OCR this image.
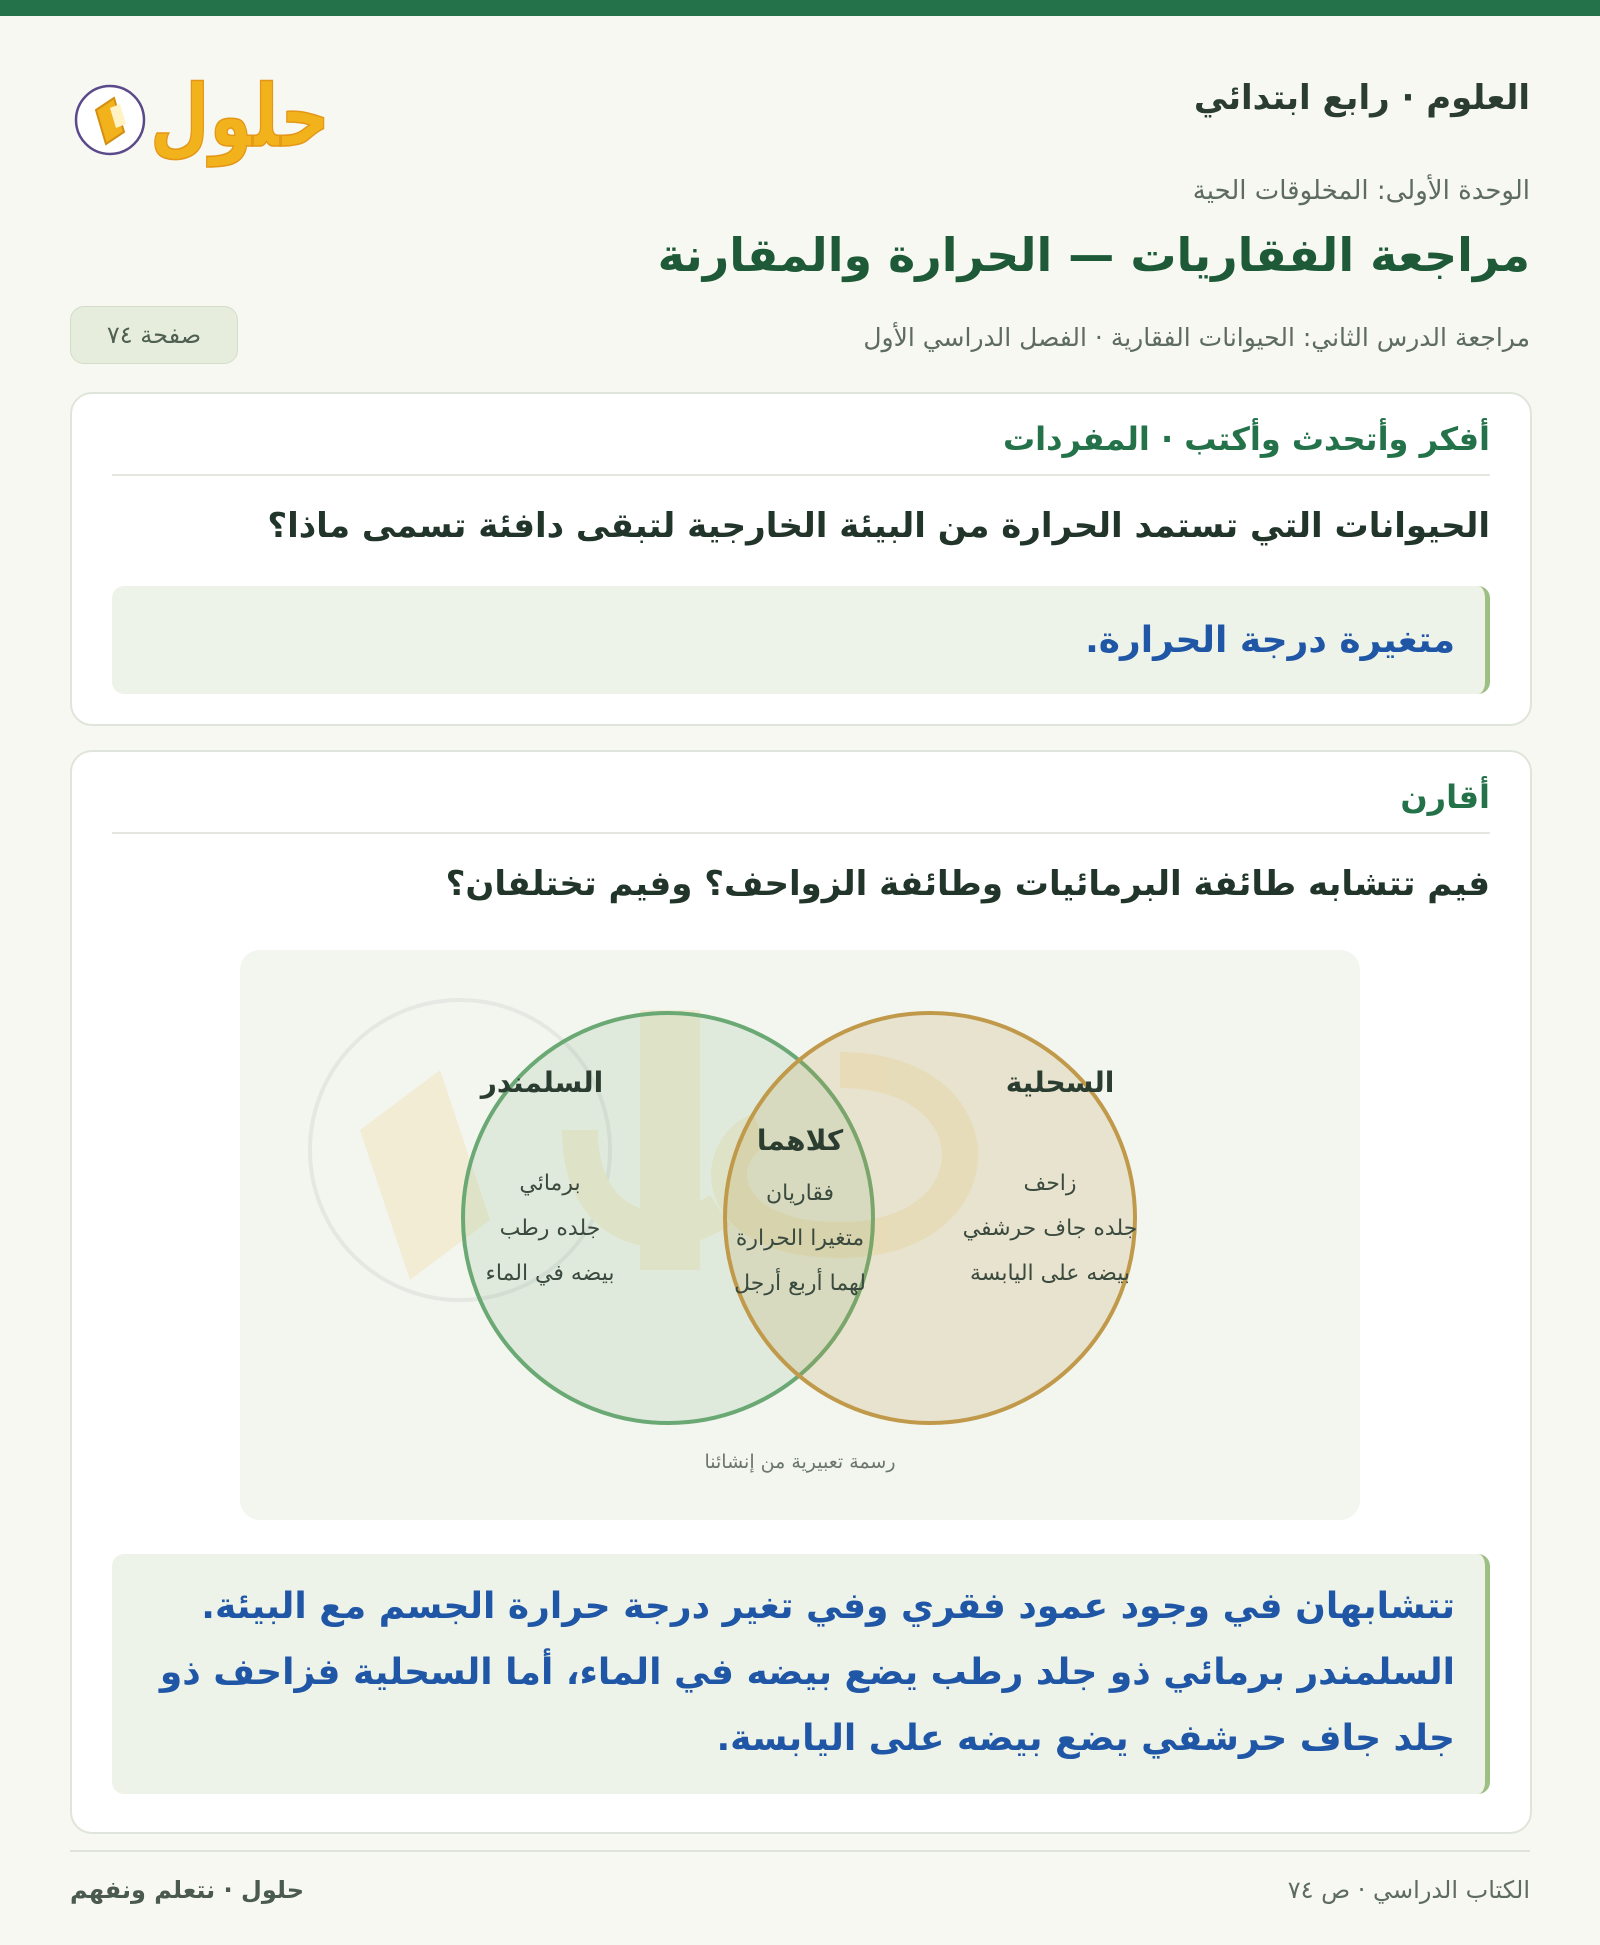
العلوم · رابع ابتدائي
حلول
الوحدة الأولى: المخلوقات الحية
مراجعة الفقاريات — الحرارة والمقارنة
مراجعة الدرس الثاني: الحيوانات الفقارية · الفصل الدراسي الأول
صفحة ٧٤
أفكر وأتحدث وأكتب · المفردات
الحيوانات التي تستمد الحرارة من البيئة الخارجية لتبقى دافئة تسمى ماذا؟
متغيرة درجة الحرارة.
أقارن
فيم تتشابه طائفة البرمائيات وطائفة الزواحف؟ وفيم تختلفان؟
السلمندر
برمائي
جلده رطب
بيضه في الماء
كلاهما
فقاريان
متغيرا الحرارة
لهما أربع أرجل
السحلية
زاحف
جلده جاف حرشفي
بيضه على اليابسة
رسمة تعبيرية من إنشائنا
تتشابهان في وجود عمود فقري وفي تغير درجة حرارة الجسم مع البيئة.
السلمندر برمائي ذو جلد رطب يضع بيضه في الماء، أما السحلية فزاحف ذو
جلد جاف حرشفي يضع بيضه على اليابسة.
الكتاب الدراسي · ص ٧٤
حلول · نتعلم ونفهم
